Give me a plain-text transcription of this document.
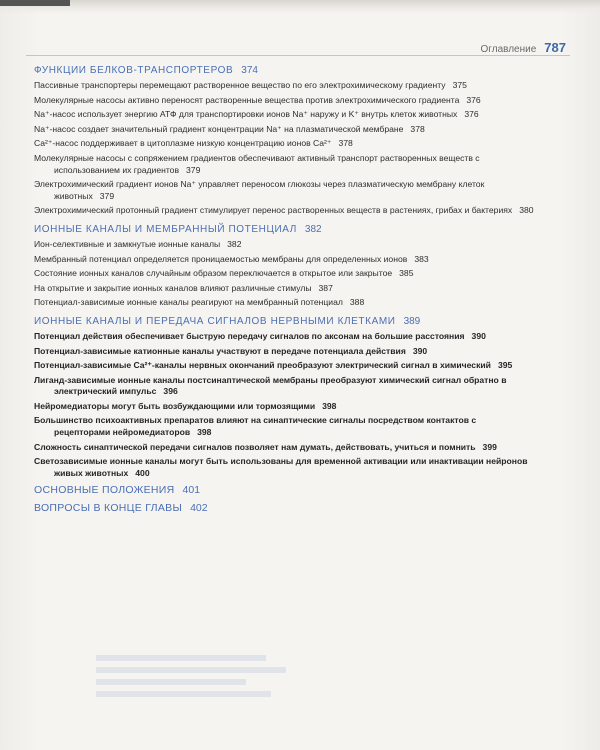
Оглавление 787
ФУНКЦИИ БЕЛКОВ-ТРАНСПОРТЕРОВ 374
Пассивные транспортеры перемещают растворенное вещество по его электрохимическому градиенту 375
Молекулярные насосы активно переносят растворенные вещества против электрохимического градиента 376
Na⁺-насос использует энергию АТФ для транспортировки ионов Na⁺ наружу и K⁺ внутрь клеток животных 376
Na⁺-насос создает значительный градиент концентрации Na⁺ на плазматической мембране 378
Ca²⁺-насос поддерживает в цитоплазме низкую концентрацию ионов Ca²⁺ 378
Молекулярные насосы с сопряжением градиентов обеспечивают активный транспорт растворенных веществ с использованием их градиентов 379
Электрохимический градиент ионов Na⁺ управляет переносом глюкозы через плазматическую мембрану клеток животных 379
Электрохимический протонный градиент стимулирует перенос растворенных веществ в растениях, грибах и бактериях 380
ИОННЫЕ КАНАЛЫ И МЕМБРАННЫЙ ПОТЕНЦИАЛ 382
Ион-селективные и замкнутые ионные каналы 382
Мембранный потенциал определяется проницаемостью мембраны для определенных ионов 383
Состояние ионных каналов случайным образом переключается в открытое или закрытое 385
На открытие и закрытие ионных каналов влияют различные стимулы 387
Потенциал-зависимые ионные каналы реагируют на мембранный потенциал 388
ИОННЫЕ КАНАЛЫ И ПЕРЕДАЧА СИГНАЛОВ НЕРВНЫМИ КЛЕТКАМИ 389
Потенциал действия обеспечивает быструю передачу сигналов по аксонам на большие расстояния 390
Потенциал-зависимые катионные каналы участвуют в передаче потенциала действия 390
Потенциал-зависимые Ca²⁺-каналы нервных окончаний преобразуют электрический сигнал в химический 395
Лиганд-зависимые ионные каналы постсинаптической мембраны преобразуют химический сигнал обратно в электрический импульс 396
Нейромедиаторы могут быть возбуждающими или тормозящими 398
Большинство психоактивных препаратов влияют на синаптические сигналы посредством контактов с рецепторами нейромедиаторов 398
Сложность синаптической передачи сигналов позволяет нам думать, действовать, учиться и помнить 399
Светозависимые ионные каналы могут быть использованы для временной активации или инактивации нейронов живых животных 400
ОСНОВНЫЕ ПОЛОЖЕНИЯ 401
ВОПРОСЫ В КОНЦЕ ГЛАВЫ 402
